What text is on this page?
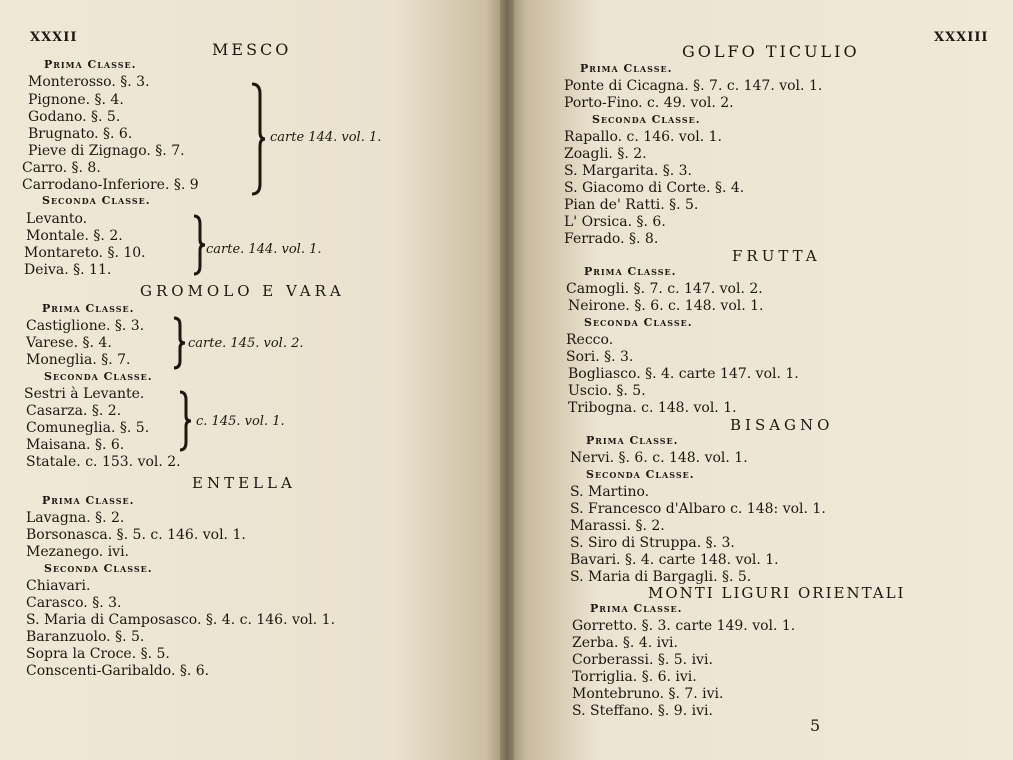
XXXII
MESCO
Prima Classe.
Monterosso. §. 3.
Pignone. §. 4.
Godano. §. 5.
Brugnato. §. 6.
Pieve di Zignago. §. 7.
Carro. §. 8.
Carrodano-Inferiore. §. 9
carte 144. vol. 1.
Seconda Classe.
Levanto.
Montale. §. 2.
Montareto. §. 10.
Deiva. §. 11.
carte. 144. vol. 1.
GROMOLO E VARA
Prima Classe.
Castiglione. §. 3.
Varese. §. 4.
Moneglia. §. 7.
carte. 145. vol. 2.
Seconda Classe.
Sestri à Levante.
Casarza. §. 2.
Comuneglia. §. 5.
Maisana. §. 6.
c. 145. vol. 1.
Statale. c. 153. vol. 2.
ENTELLA
Prima Classe.
Lavagna. §. 2.
Borsonasca. §. 5. c. 146. vol. 1.
Mezanego. ivi.
Seconda Classe.
Chiavari.
Carasco. §. 3.
S. Maria di Camposasco. §. 4. c. 146. vol. 1.
Baranzuolo. §. 5.
Sopra la Croce. §. 5.
Conscenti-Garibaldo. §. 6.
XXXIII
GOLFO TICULIO
Prima Classe.
Ponte di Cicagna. §. 7. c. 147. vol. 1.
Porto-Fino. c. 49. vol. 2.
Seconda Classe.
Rapallo. c. 146. vol. 1.
Zoagli. §. 2.
S. Margarita. §. 3.
S. Giacomo di Corte. §. 4.
Pian de' Ratti. §. 5.
L' Orsica. §. 6.
Ferrado. §. 8.
FRUTTA
Prima Classe.
Camogli. §. 7. c. 147. vol. 2.
Neirone. §. 6. c. 148. vol. 1.
Seconda Classe.
Recco.
Sori. §. 3.
Bogliasco. §. 4. carte 147. vol. 1.
Uscio. §. 5.
Tribogna. c. 148. vol. 1.
BISAGNO
Prima Classe.
Nervi. §. 6. c. 148. vol. 1.
Seconda Classe.
S. Martino.
S. Francesco d'Albaro c. 148: vol. 1.
Marassi. §. 2.
S. Siro di Struppa. §. 3.
Bavari. §. 4. carte 148. vol. 1.
S. Maria di Bargagli. §. 5.
MONTI LIGURI ORIENTALI
Prima Classe.
Gorretto. §. 3. carte 149. vol. 1.
Zerba. §. 4. ivi.
Corberassi. §. 5. ivi.
Torriglia. §. 6. ivi.
Montebruno. §. 7. ivi.
S. Steffano. §. 9. ivi.
5
